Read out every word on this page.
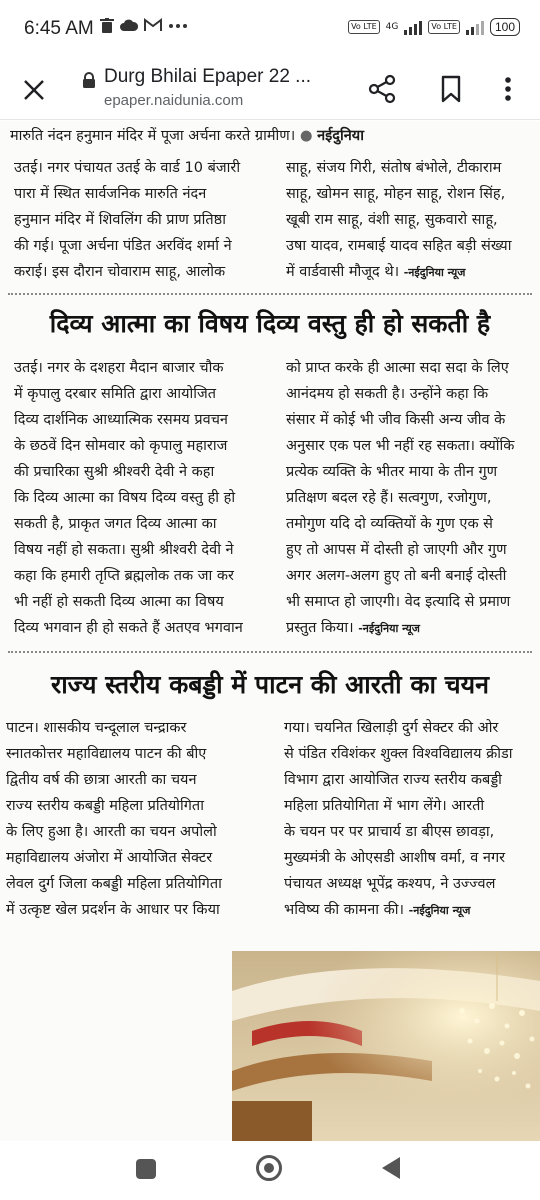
6:45 AM	Vo LTE	4G	Vo LTE	100
Durg Bhilai Epaper 22 ...
epaper.naidunia.com
मारुति नंदन हनुमान मंदिर में पूजा अर्चना करते ग्रामीण। ● नईदुनिया
उतई। नगर पंचायत उतई के वार्ड 10 बंजारी
पारा में स्थित सार्वजनिक मारुति नंदन
हनुमान मंदिर में शिवलिंग की प्राण प्रतिष्ठा
की गई। पूजा अर्चना पंडित अरविंद शर्मा ने
कराई। इस दौरान चोवाराम साहू, आलोक
साहू, संजय गिरी, संतोष बंभोले, टीकाराम
साहू, खोमन साहू, मोहन साहू, रोशन सिंह,
खूबी राम साहू, वंशी साहू, सुकवारो साहू,
उषा यादव, रामबाई यादव सहित बड़ी संख्या
में वार्डवासी मौजूद थे। -नईदुनिया न्यूज
दिव्य आत्मा का विषय दिव्य वस्तु ही हो सकती है
उतई। नगर के दशहरा मैदान बाजार चौक
में कृपालु दरबार समिति द्वारा आयोजित
दिव्य दार्शनिक आध्यात्मिक रसमय प्रवचन
के छठवें दिन सोमवार को कृपालु महाराज
की प्रचारिका सुश्री श्रीश्वरी देवी ने कहा
कि दिव्य आत्मा का विषय दिव्य वस्तु ही हो
सकती है, प्राकृत जगत दिव्य आत्मा का
विषय नहीं हो सकता। सुश्री श्रीश्वरी देवी ने
कहा कि हमारी तृप्ति ब्रह्मलोक तक जा कर
भी नहीं हो सकती दिव्य आत्मा का विषय
दिव्य भगवान ही हो सकते हैं अतएव भगवान
को प्राप्त करके ही आत्मा सदा सदा के लिए
आनंदमय हो सकती है। उन्होंने कहा कि
संसार में कोई भी जीव किसी अन्य जीव के
अनुसार एक पल भी नहीं रह सकता। क्योंकि
प्रत्येक व्यक्ति के भीतर माया के तीन गुण
प्रतिक्षण बदल रहे हैं। सत्वगुण, रजोगुण,
तमोगुण यदि दो व्यक्तियों के गुण एक से
हुए तो आपस में दोस्ती हो जाएगी और गुण
अगर अलग-अलग हुए तो बनी बनाई दोस्ती
भी समाप्त हो जाएगी। वेद इत्यादि से प्रमाण
प्रस्तुत किया। -नईदुनिया न्यूज
राज्य स्तरीय कबड्डी में पाटन की आरती का चयन
पाटन। शासकीय चन्दूलाल चन्द्राकर
स्नातकोत्तर महाविद्यालय पाटन की बीए
द्वितीय वर्ष की छात्रा आरती का चयन
राज्य स्तरीय कबड्डी महिला प्रतियोगिता
के लिए हुआ है। आरती का चयन अपोलो
महाविद्यालय अंजोरा में आयोजित सेक्टर
लेवल दुर्ग जिला कबड्डी महिला प्रतियोगिता
में उत्कृष्ट खेल प्रदर्शन के आधार पर किया
गया। चयनित खिलाड़ी दुर्ग सेक्टर की ओर
से पंडित रविशंकर शुक्ल विश्वविद्यालय क्रीडा
विभाग द्वारा आयोजित राज्य स्तरीय कबड्डी
महिला प्रतियोगिता में भाग लेंगे। आरती
के चयन पर पर प्राचार्य डा बीएस छावड़ा,
मुख्यमंत्री के ओएसडी आशीष वर्मा, व नगर
पंचायत अध्यक्ष भूपेंद्र कश्यप, ने उज्ज्वल
भविष्य की कामना की। -नईदुनिया न्यूज
